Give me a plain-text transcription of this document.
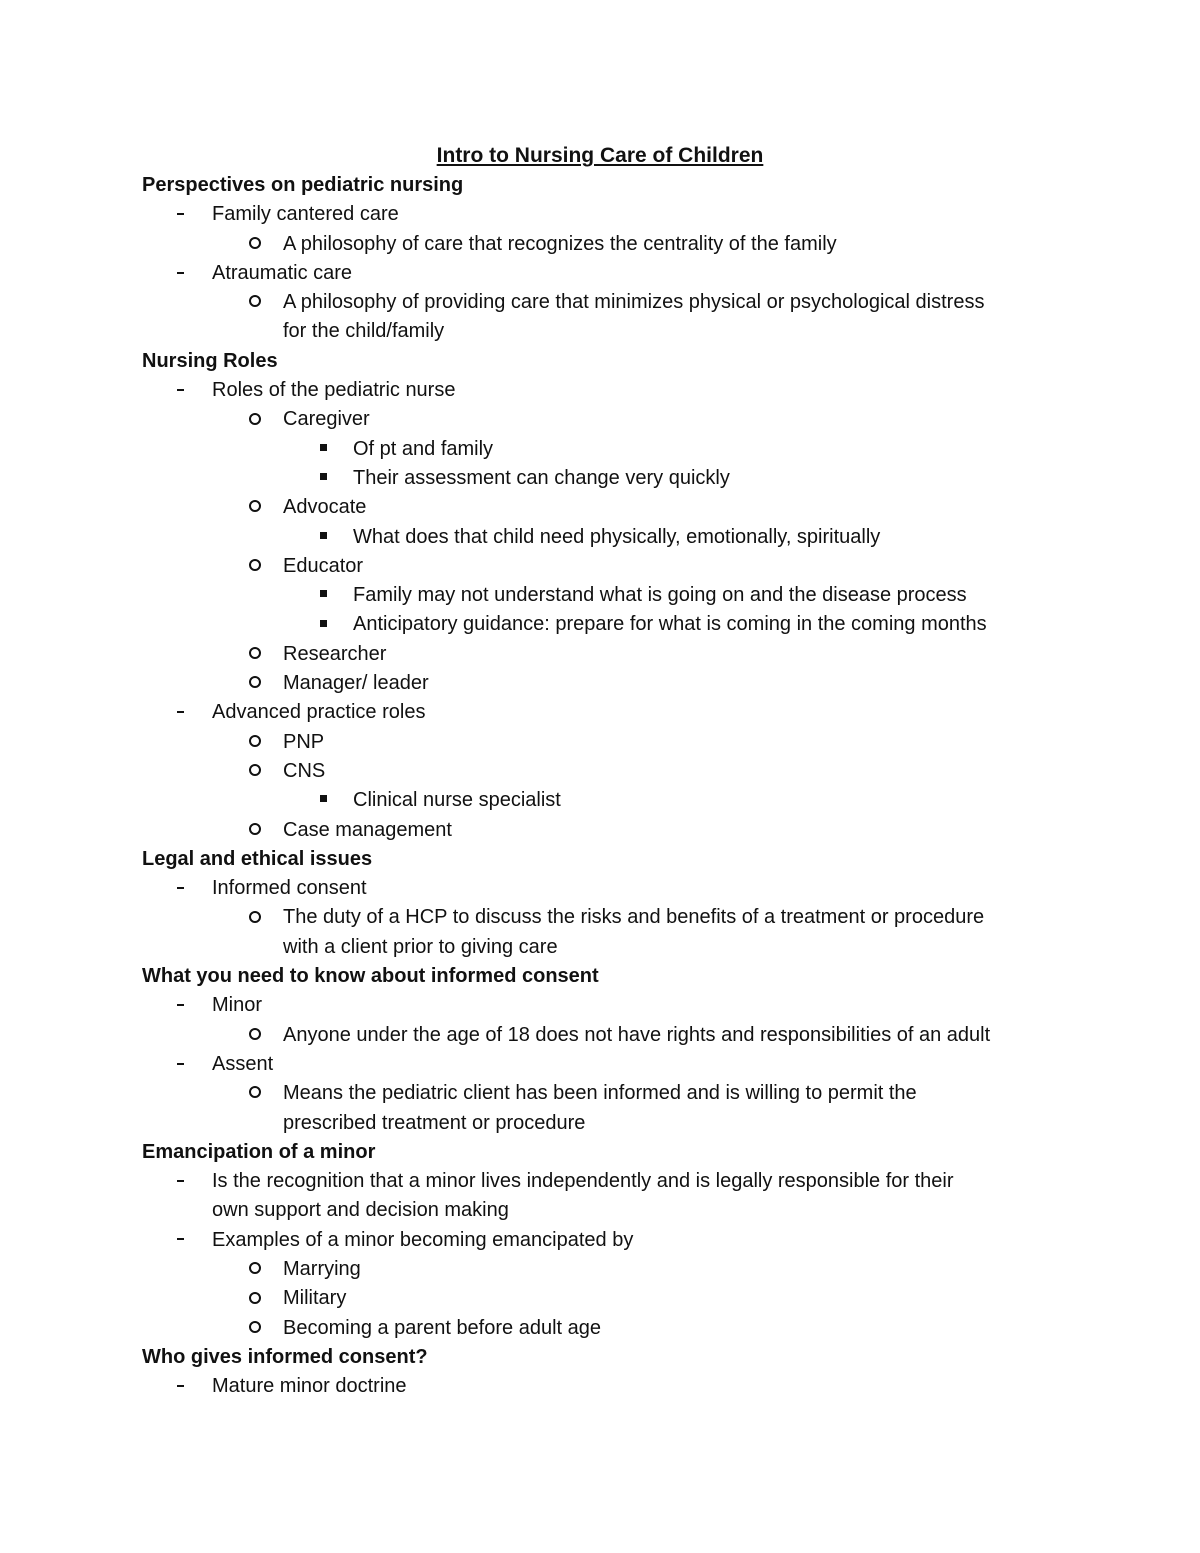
Intro to Nursing Care of Children
Perspectives on pediatric nursing
Family cantered care
A philosophy of care that recognizes the centrality of the family
Atraumatic care
A philosophy of providing care that minimizes physical or psychological distress
for the child/family
Nursing Roles
Roles of the pediatric nurse
Caregiver
Of pt and family
Their assessment can change very quickly
Advocate
What does that child need physically, emotionally, spiritually
Educator
Family may not understand what is going on and the disease process
Anticipatory guidance: prepare for what is coming in the coming months
Researcher
Manager/ leader
Advanced practice roles
PNP
CNS
Clinical nurse specialist
Case management
Legal and ethical issues
Informed consent
The duty of a HCP to discuss the risks and benefits of a treatment or procedure
with a client prior to giving care
What you need to know about informed consent
Minor
Anyone under the age of 18 does not have rights and responsibilities of an adult
Assent
Means the pediatric client has been informed and is willing to permit the
prescribed treatment or procedure
Emancipation of a minor
Is the recognition that a minor lives independently and is legally responsible for their
own support and decision making
Examples of a minor becoming emancipated by
Marrying
Military
Becoming a parent before adult age
Who gives informed consent?
Mature minor doctrine
